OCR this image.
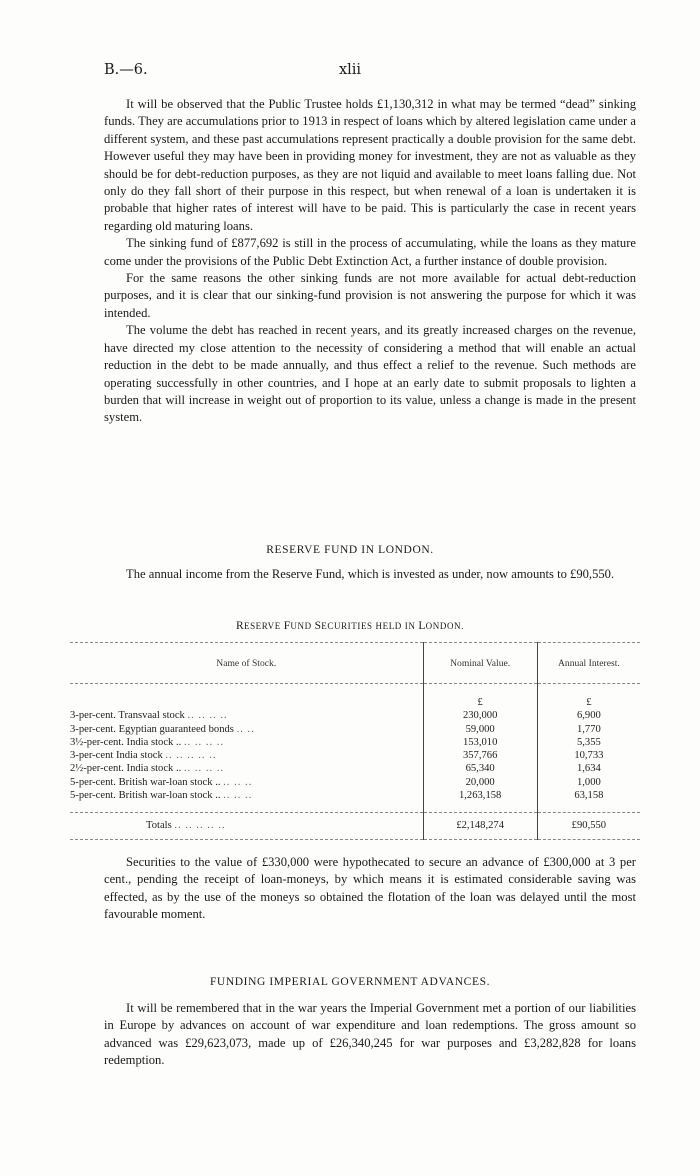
B.—6.	xlii

It will be observed that the Public Trustee holds £1,130,312 in what may be termed “dead” sinking funds. They are accumulations prior to 1913 in respect of loans which by altered legislation came under a different system, and these past accumulations represent practically a double provision for the same debt. However useful they may have been in providing money for investment, they are not as valuable as they should be for debt-reduction purposes, as they are not liquid and available to meet loans falling due. Not only do they fall short of their purpose in this respect, but when renewal of a loan is undertaken it is probable that higher rates of interest will have to be paid. This is particularly the case in recent years regarding old maturing loans.

The sinking fund of £877,692 is still in the process of accumulating, while the loans as they mature come under the provisions of the Public Debt Extinction Act, a further instance of double provision.

For the same reasons the other sinking funds are not more available for actual debt-reduction purposes, and it is clear that our sinking-fund provision is not answering the purpose for which it was intended.

The volume the debt has reached in recent years, and its greatly increased charges on the revenue, have directed my close attention to the necessity of considering a method that will enable an actual reduction in the debt to be made annually, and thus effect a relief to the revenue. Such methods are operating successfully in other countries, and I hope at an early date to submit proposals to lighten a burden that will increase in weight out of proportion to its value, unless a change is made in the present system.

RESERVE FUND IN LONDON.

The annual income from the Reserve Fund, which is invested as under, now amounts to £90,550.

RESERVE FUND SECURITIES HELD IN LONDON.
Name of Stock.	Nominal Value.	Annual Interest.
	£	£
3-per-cent. Transvaal stock .. .. .. ..	230,000	6,900
3-per-cent. Egyptian guaranteed bonds .. ..	59,000	1,770
3½-per-cent. India stock .. .. .. .. ..	153,010	5,355
3-per-cent India stock .. .. .. .. ..	357,766	10,733
2½-per-cent. India stock .. .. .. .. ..	65,340	1,634
5-per-cent. British war-loan stock .. .. .. ..	20,000	1,000
5-per-cent. British war-loan stock .. .. .. ..	1,263,158	63,158

Totals .. .. .. .. ..	£2,148,274	£90,550

Securities to the value of £330,000 were hypothecated to secure an advance of £300,000 at 3 per cent., pending the receipt of loan-moneys, by which means it is estimated considerable saving was effected, as by the use of the moneys so obtained the flotation of the loan was delayed until the most favourable moment.

FUNDING IMPERIAL GOVERNMENT ADVANCES.

It will be remembered that in the war years the Imperial Government met a portion of our liabilities in Europe by advances on account of war expenditure and loan redemptions. The gross amount so advanced was £29,623,073, made up of £26,340,245 for war purposes and £3,282,828 for loans redemption.
